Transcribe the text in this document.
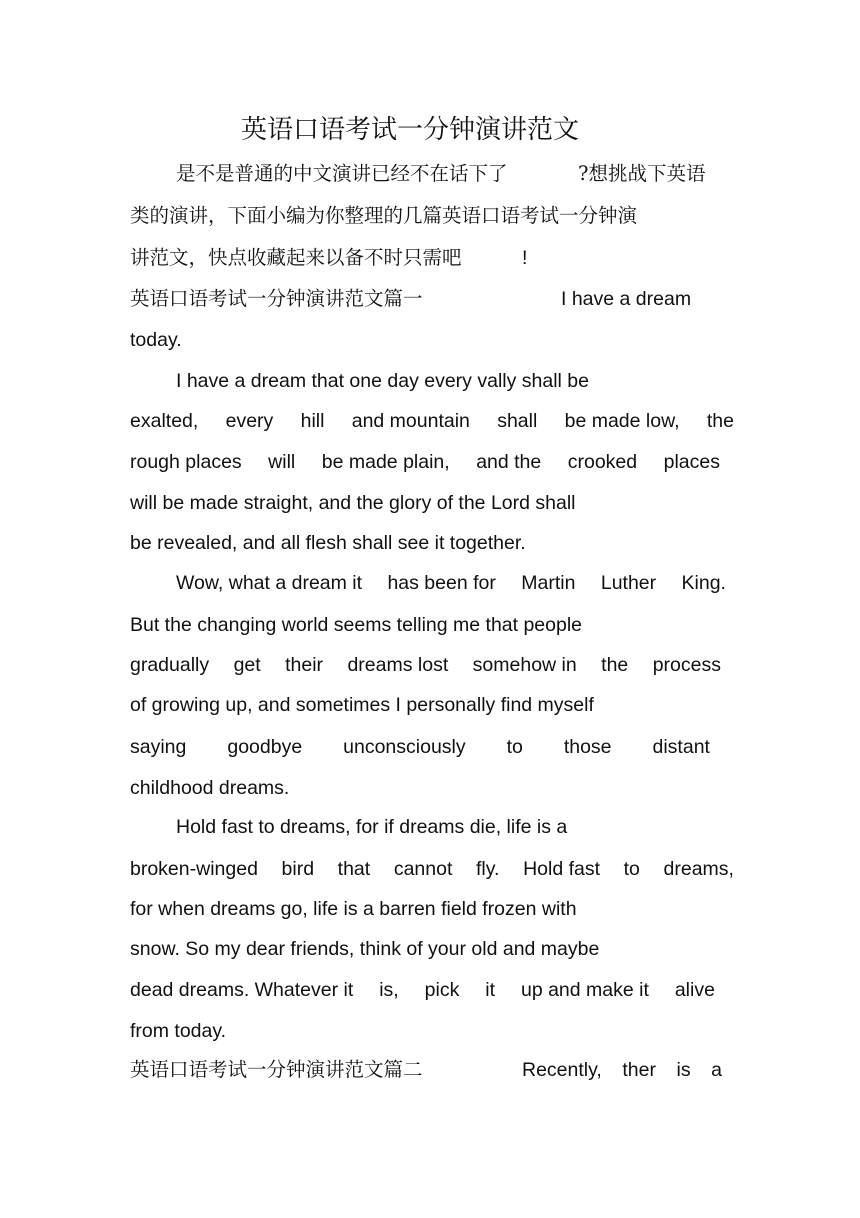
英语口语考试一分钟演讲范文
是不是普通的中文演讲已经不在话下了	?想挑战下英语
类的演讲，下面小编为你整理的几篇英语口语考试一分钟演
讲范文，快点收藏起来以备不时只需吧	!
英语口语考试一分钟演讲范文篇一	I have a dream
today.
I have a dream that one day every vally shall be
exalted, every hill and mountain shall be made low, the
rough places will be made plain, and the crooked places
will be made straight, and the glory of the Lord shall
be revealed, and all flesh shall see it together.
Wow, what a dream it has been for Martin Luther King.
But the changing world seems telling me that people
gradually get their dreams lost somehow in the process
of growing up, and sometimes I personally find myself
saying goodbye unconsciously to those distant
childhood dreams.
Hold fast to dreams, for if dreams die, life is a
broken-winged bird that cannot fly. Hold fast to dreams,
for when dreams go, life is a barren field frozen with
snow. So my dear friends, think of your old and maybe
dead dreams. Whatever it is, pick it up and make it alive
from today.
英语口语考试一分钟演讲范文篇二	Recently, ther is a
